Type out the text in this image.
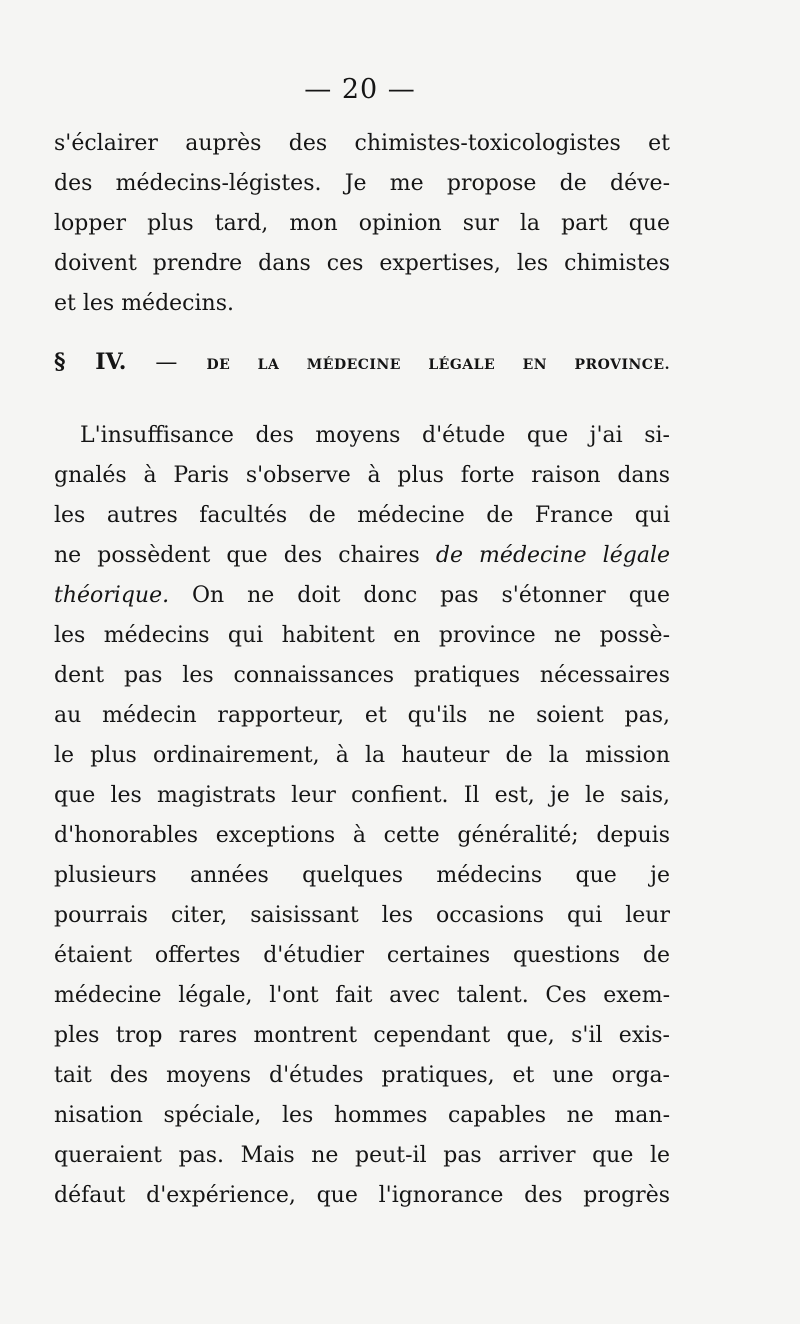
— 20 —
s'éclairer auprès des chimistes-toxicologistes et
des médecins-légistes. Je me propose de déve-
lopper plus tard, mon opinion sur la part que
doivent prendre dans ces expertises, les chimistes
et les médecins.
§ IV. — DE LA MÉDECINE LÉGALE EN PROVINCE.
L'insuffisance des moyens d'étude que j'ai si-
gnalés à Paris s'observe à plus forte raison dans
les autres facultés de médecine de France qui
ne possèdent que des chaires de médecine légale
théorique. On ne doit donc pas s'étonner que
les médecins qui habitent en province ne possè-
dent pas les connaissances pratiques nécessaires
au médecin rapporteur, et qu'ils ne soient pas,
le plus ordinairement, à la hauteur de la mission
que les magistrats leur confient. Il est, je le sais,
d'honorables exceptions à cette généralité; depuis
plusieurs années quelques médecins que je
pourrais citer, saisissant les occasions qui leur
étaient offertes d'étudier certaines questions de
médecine légale, l'ont fait avec talent. Ces exem-
ples trop rares montrent cependant que, s'il exis-
tait des moyens d'études pratiques, et une orga-
nisation spéciale, les hommes capables ne man-
queraient pas. Mais ne peut-il pas arriver que le
défaut d'expérience, que l'ignorance des progrès
